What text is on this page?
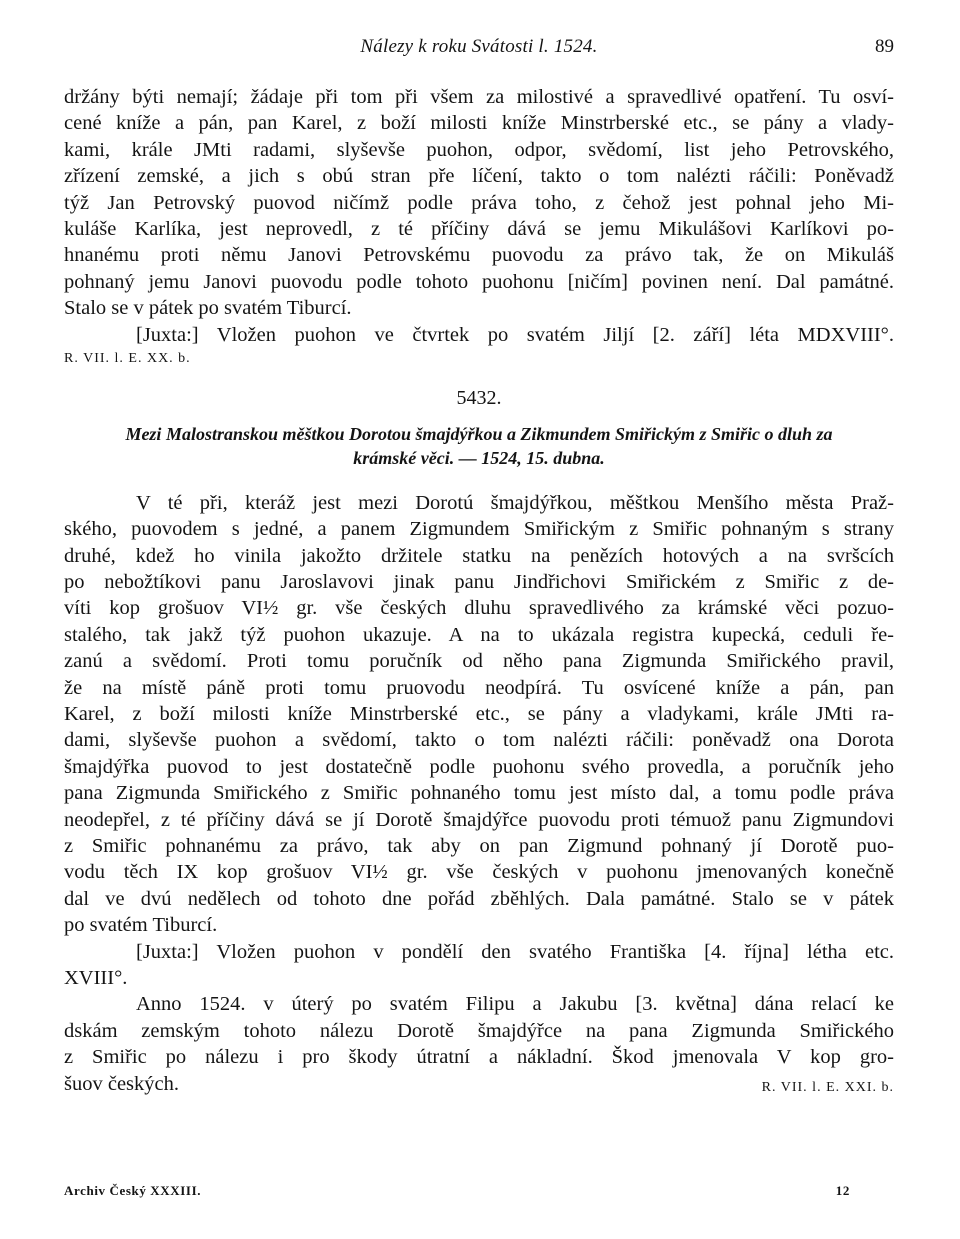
Nálezy k roku Svátosti l. 1524.	89
držány býti nemají; žádaje při tom při všem za milostivé a spravedlivé opatření. Tu osví-
cené kníže a pán, pan Karel, z boží milosti kníže Minstrberské etc., se pány a vlady-
kami, krále JMti radami, slyševše puohon, odpor, svědomí, list jeho Petrovského,
zřízení zemské, a jich s obú stran pře líčení, takto o tom nalézti ráčili: Poněvadž
týž Jan Petrovský puovod ničímž podle práva toho, z čehož jest pohnal jeho Mi-
kuláše Karlíka, jest neprovedl, z té příčiny dává se jemu Mikulášovi Karlíkovi po-
hnanému proti němu Janovi Petrovskému puovodu za právo tak, že on Mikuláš
pohnaný jemu Janovi puovodu podle tohoto puohonu [ničím] povinen není. Dal památné.
Stalo se v pátek po svatém Tiburcí.
[Juxta:] Vložen puohon ve čtvrtek po svatém Jiljí [2. září] léta MDXVIII°.
R. VII. l. E. XX. b.
5432.
Mezi Malostranskou měštkou Dorotou šmajdýřkou a Zikmundem Smiřickým z Smiřic o dluh za
krámské věci. — 1524, 15. dubna.
V té při, kteráž jest mezi Dorotú šmajdýřkou, měštkou Menšího města Praž-
ského, puovodem s jedné, a panem Zigmundem Smiřickým z Smiřic pohnaným s strany
druhé, kdež ho vinila jakožto držitele statku na penězích hotových a na svršcích
po nebožtíkovi panu Jaroslavovi jinak panu Jindřichovi Smiřickém z Smiřic z de-
víti kop grošuov VI½ gr. vše českých dluhu spravedlivého za krámské věci pozuo-
stalého, tak jakž týž puohon ukazuje. A na to ukázala registra kupecká, ceduli ře-
zanú a svědomí. Proti tomu poručník od něho pana Zigmunda Smiřického pravil,
že na místě páně proti tomu pruovodu neodpírá. Tu osvícené kníže a pán, pan
Karel, z boží milosti kníže Minstrberské etc., se pány a vladykami, krále JMti ra-
dami, slyševše puohon a svědomí, takto o tom nalézti ráčili: poněvadž ona Dorota
šmajdýřka puovod to jest dostatečně podle puohonu svého provedla, a poručník jeho
pana Zigmunda Smiřického z Smiřic pohnaného tomu jest místo dal, a tomu podle práva
neodepřel, z té příčiny dává se jí Dorotě šmajdýřce puovodu proti témuož panu Zigmundovi
z Smiřic pohnanému za právo, tak aby on pan Zigmund pohnaný jí Dorotě puo-
vodu těch IX kop grošuov VI½ gr. vše českých v puohonu jmenovaných konečně
dal ve dvú nedělech od tohoto dne pořád zběhlých. Dala památné. Stalo se v pátek
po svatém Tiburcí.
[Juxta:] Vložen puohon v pondělí den svatého Františka [4. října] létha etc.
XVIII°.
Anno 1524. v úterý po svatém Filipu a Jakubu [3. května] dána relací ke
dskám zemským tohoto nálezu Dorotě šmajdýřce na pana Zigmunda Smiřického
z Smiřic po nálezu i pro škody útratní a nákladní. Škod jmenovala V kop gro-
šuov českých.	R. VII. l. E. XXI. b.
Archiv Český XXXIII.	12
